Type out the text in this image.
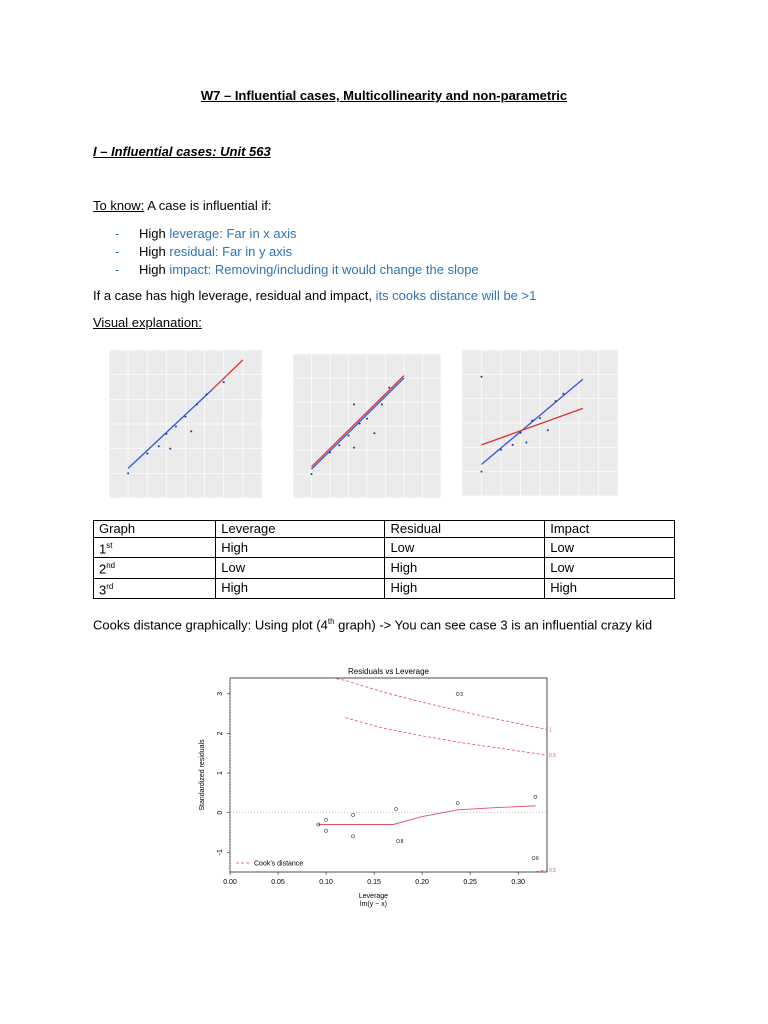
W7 – Influential cases, Multicollinearity and non-parametric
I – Influential cases: Unit 563
To know: A case is influential if:
- High leverage: Far in x axis
- High residual: Far in y axis
- High impact: Removing/including it would change the slope
If a case has high leverage, residual and impact, its cooks distance will be >1
Visual explanation:
Graph	Leverage	Residual	Impact
1st	High	Low	Low
2nd	Low	High	Low
3rd	High	High	High
Cooks distance graphically: Using plot (4th graph) -> You can see case 3 is an influential crazy kid
Residuals vs Leverage
1
0.5
0.5
8
3
6
0.00	0.05	0.10	0.15	0.20	0.25	0.30
-1
0
1
2
3
Leverage
lm(y ~ x)
Standardized residuals
Cook's distance
